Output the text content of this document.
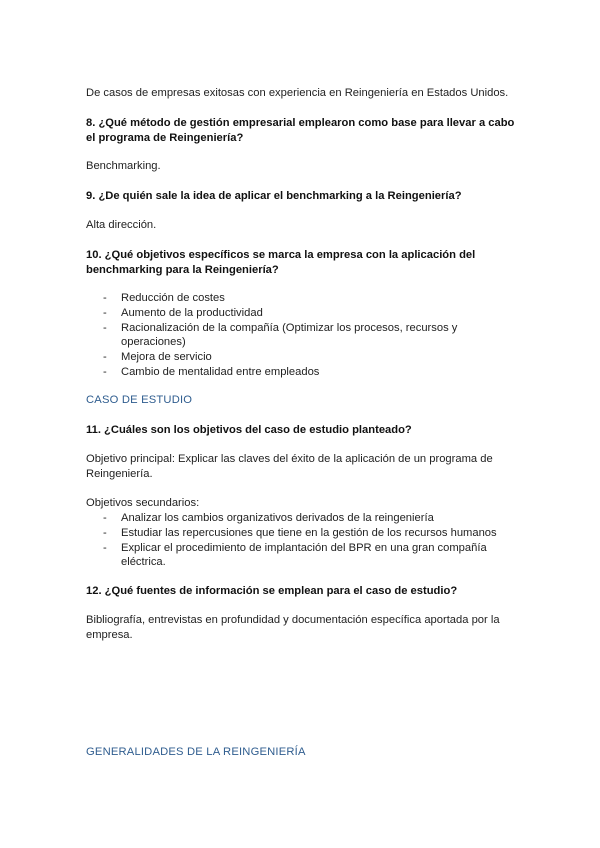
De casos de empresas exitosas con experiencia en Reingeniería en Estados Unidos.

8. ¿Qué método de gestión empresarial emplearon como base para llevar a cabo el programa de Reingeniería?

Benchmarking.

9. ¿De quién sale la idea de aplicar el benchmarking a la Reingeniería?

Alta dirección.

10. ¿Qué objetivos específicos se marca la empresa con la aplicación del benchmarking para la Reingeniería?

- Reducción de costes
- Aumento de la productividad
- Racionalización de la compañía (Optimizar los procesos, recursos y operaciones)
- Mejora de servicio
- Cambio de mentalidad entre empleados

CASO DE ESTUDIO

11. ¿Cuáles son los objetivos del caso de estudio planteado?

Objetivo principal: Explicar las claves del éxito de la aplicación de un programa de Reingeniería.

Objetivos secundarios:

- Analizar los cambios organizativos derivados de la reingeniería
- Estudiar las repercusiones que tiene en la gestión de los recursos humanos
- Explicar el procedimiento de implantación del BPR en una gran compañía eléctrica.

12. ¿Qué fuentes de información se emplean para el caso de estudio?

Bibliografía, entrevistas en profundidad y documentación específica aportada por la empresa.

GENERALIDADES DE LA REINGENIERÍA
